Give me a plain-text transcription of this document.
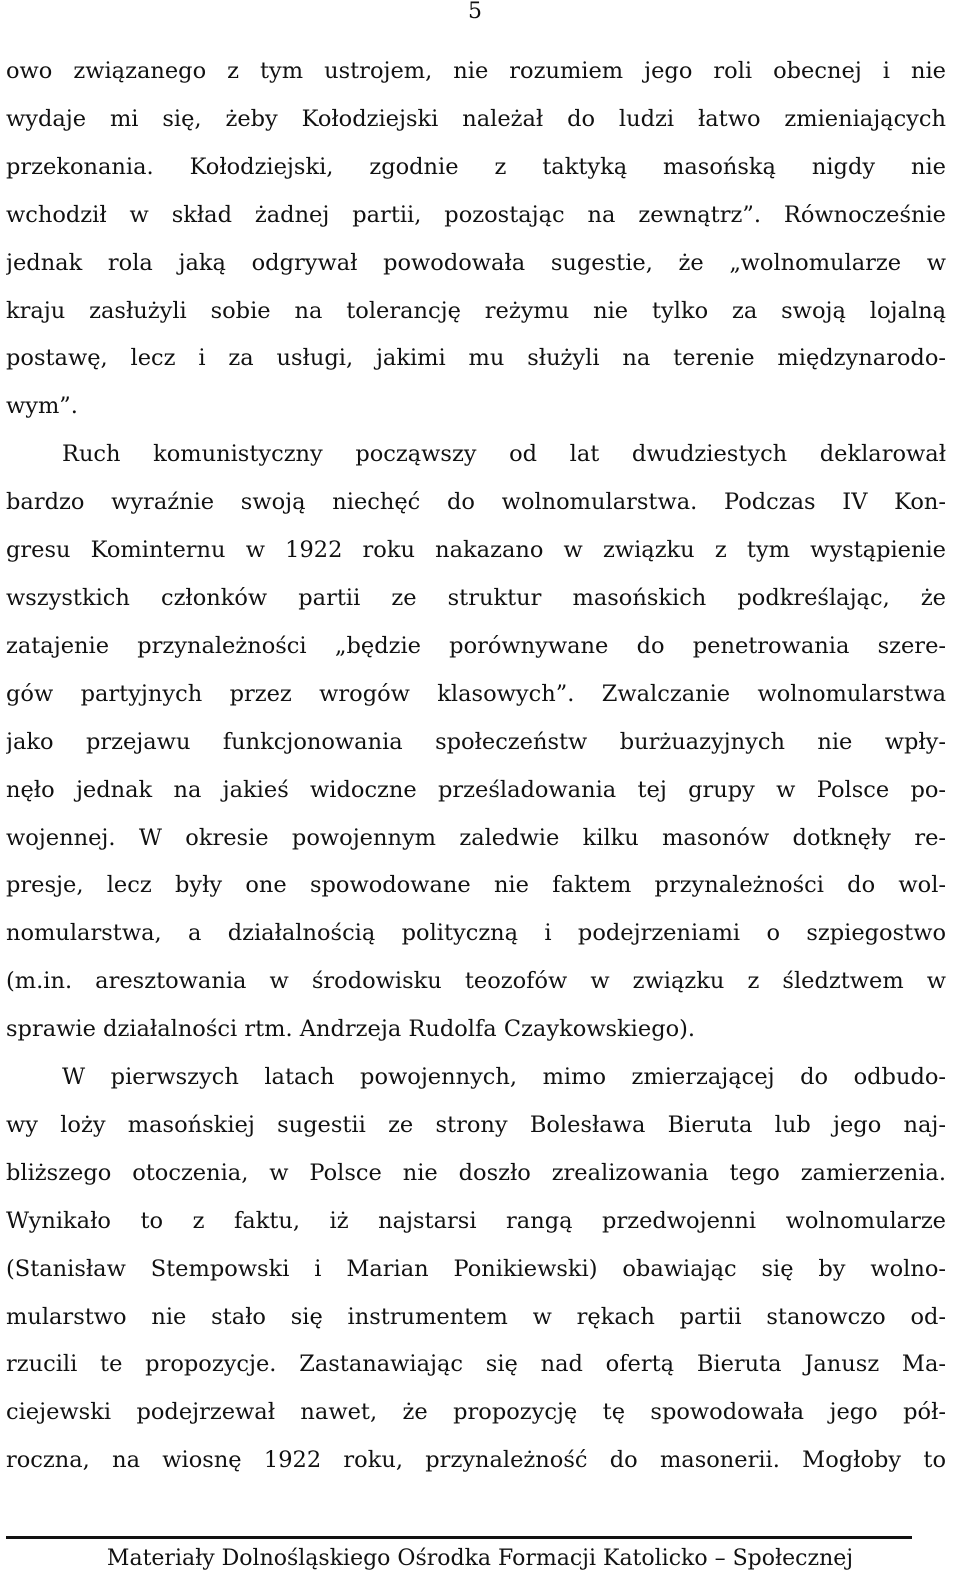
5
owo związanego z tym ustrojem, nie rozumiem jego roli obecnej i nie
wydaje mi się, żeby Kołodziejski należał do ludzi łatwo zmieniających
przekonania. Kołodziejski, zgodnie z taktyką masońską nigdy nie
wchodził w skład żadnej partii, pozostając na zewnątrz”. Równocześnie
jednak rola jaką odgrywał powodowała sugestie, że „wolnomularze w
kraju zasłużyli sobie na tolerancję reżymu nie tylko za swoją lojalną
postawę, lecz i za usługi, jakimi mu służyli na terenie międzynarodo-
wym”.
Ruch komunistyczny począwszy od lat dwudziestych deklarował
bardzo wyraźnie swoją niechęć do wolnomularstwa. Podczas IV Kon-
gresu Kominternu w 1922 roku nakazano w związku z tym wystąpienie
wszystkich członków partii ze struktur masońskich podkreślając, że
zatajenie przynależności „będzie porównywane do penetrowania szere-
gów partyjnych przez wrogów klasowych”. Zwalczanie wolnomularstwa
jako przejawu funkcjonowania społeczeństw burżuazyjnych nie wpły-
nęło jednak na jakieś widoczne prześladowania tej grupy w Polsce po-
wojennej. W okresie powojennym zaledwie kilku masonów dotknęły re-
presje, lecz były one spowodowane nie faktem przynależności do wol-
nomularstwa, a działalnością polityczną i podejrzeniami o szpiegostwo
(m.in. aresztowania w środowisku teozofów w związku z śledztwem w
sprawie działalności rtm. Andrzeja Rudolfa Czaykowskiego).
W pierwszych latach powojennych, mimo zmierzającej do odbudo-
wy loży masońskiej sugestii ze strony Bolesława Bieruta lub jego naj-
bliższego otoczenia, w Polsce nie doszło zrealizowania tego zamierzenia.
Wynikało to z faktu, iż najstarsi rangą przedwojenni wolnomularze
(Stanisław Stempowski i Marian Ponikiewski) obawiając się by wolno-
mularstwo nie stało się instrumentem w rękach partii stanowczo od-
rzucili te propozycje. Zastanawiając się nad ofertą Bieruta Janusz Ma-
ciejewski podejrzewał nawet, że propozycję tę spowodowała jego pół-
roczna, na wiosnę 1922 roku, przynależność do masonerii. Mogłoby to
Materiały Dolnośląskiego Ośrodka Formacji Katolicko – Społecznej
